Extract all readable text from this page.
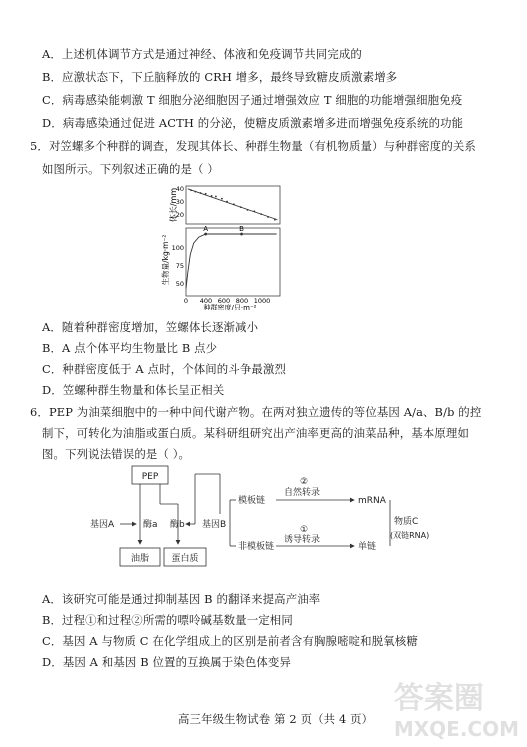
A．上述机体调节方式是通过神经、体液和免疫调节共同完成的
B．应激状态下，下丘脑释放的 CRH 增多，最终导致糖皮质激素增多
C．病毒感染能刺激 T 细胞分泌细胞因子通过增强效应 T 细胞的功能增强细胞免疫
D．病毒感染通过促进 ACTH 的分泌，使糖皮质激素增多进而增强免疫系统的功能
5．对笠螺多个种群的调查，发现其体长、种群生物量（有机物质量）与种群密度的关系
如图所示。下列叙述正确的是（ ）
体长/mm
40
30
20
生物量/kg·m⁻² 100
75
50
A	B
0 400 600 800 1000
种群密度/只·m⁻²
A．随着种群密度增加，笠螺体长逐渐减小
B．A 点个体平均生物量比 B 点少
C．种群密度低于 A 点时，个体间的斗争最激烈
D．笠螺种群生物量和体长呈正相关
6．PEP 为油菜细胞中的一种中间代谢产物。在两对独立遗传的等位基因 A/a、B/b 的控
制下，可转化为油脂或蛋白质。某科研组研究出产油率更高的油菜品种，基本原理如
图。下列说法错误的是（ ）。
PEP
基因A	酶a 酶b
油脂 蛋白质
基因B
模板链
非模板链
②
自然转录
mRNA
①
诱导转录
单链
物质C
(双链RNA)
A．该研究可能是通过抑制基因 B 的翻译来提高产油率
B．过程①和过程②所需的嘌呤碱基数量一定相同
C．基因 A 与物质 C 在化学组成上的区别是前者含有胸腺嘧啶和脱氧核糖
D．基因 A 和基因 B 位置的互换属于染色体变异
高三年级生物试卷 第 2 页（共 4 页）
答案圈
MXQE.COM
